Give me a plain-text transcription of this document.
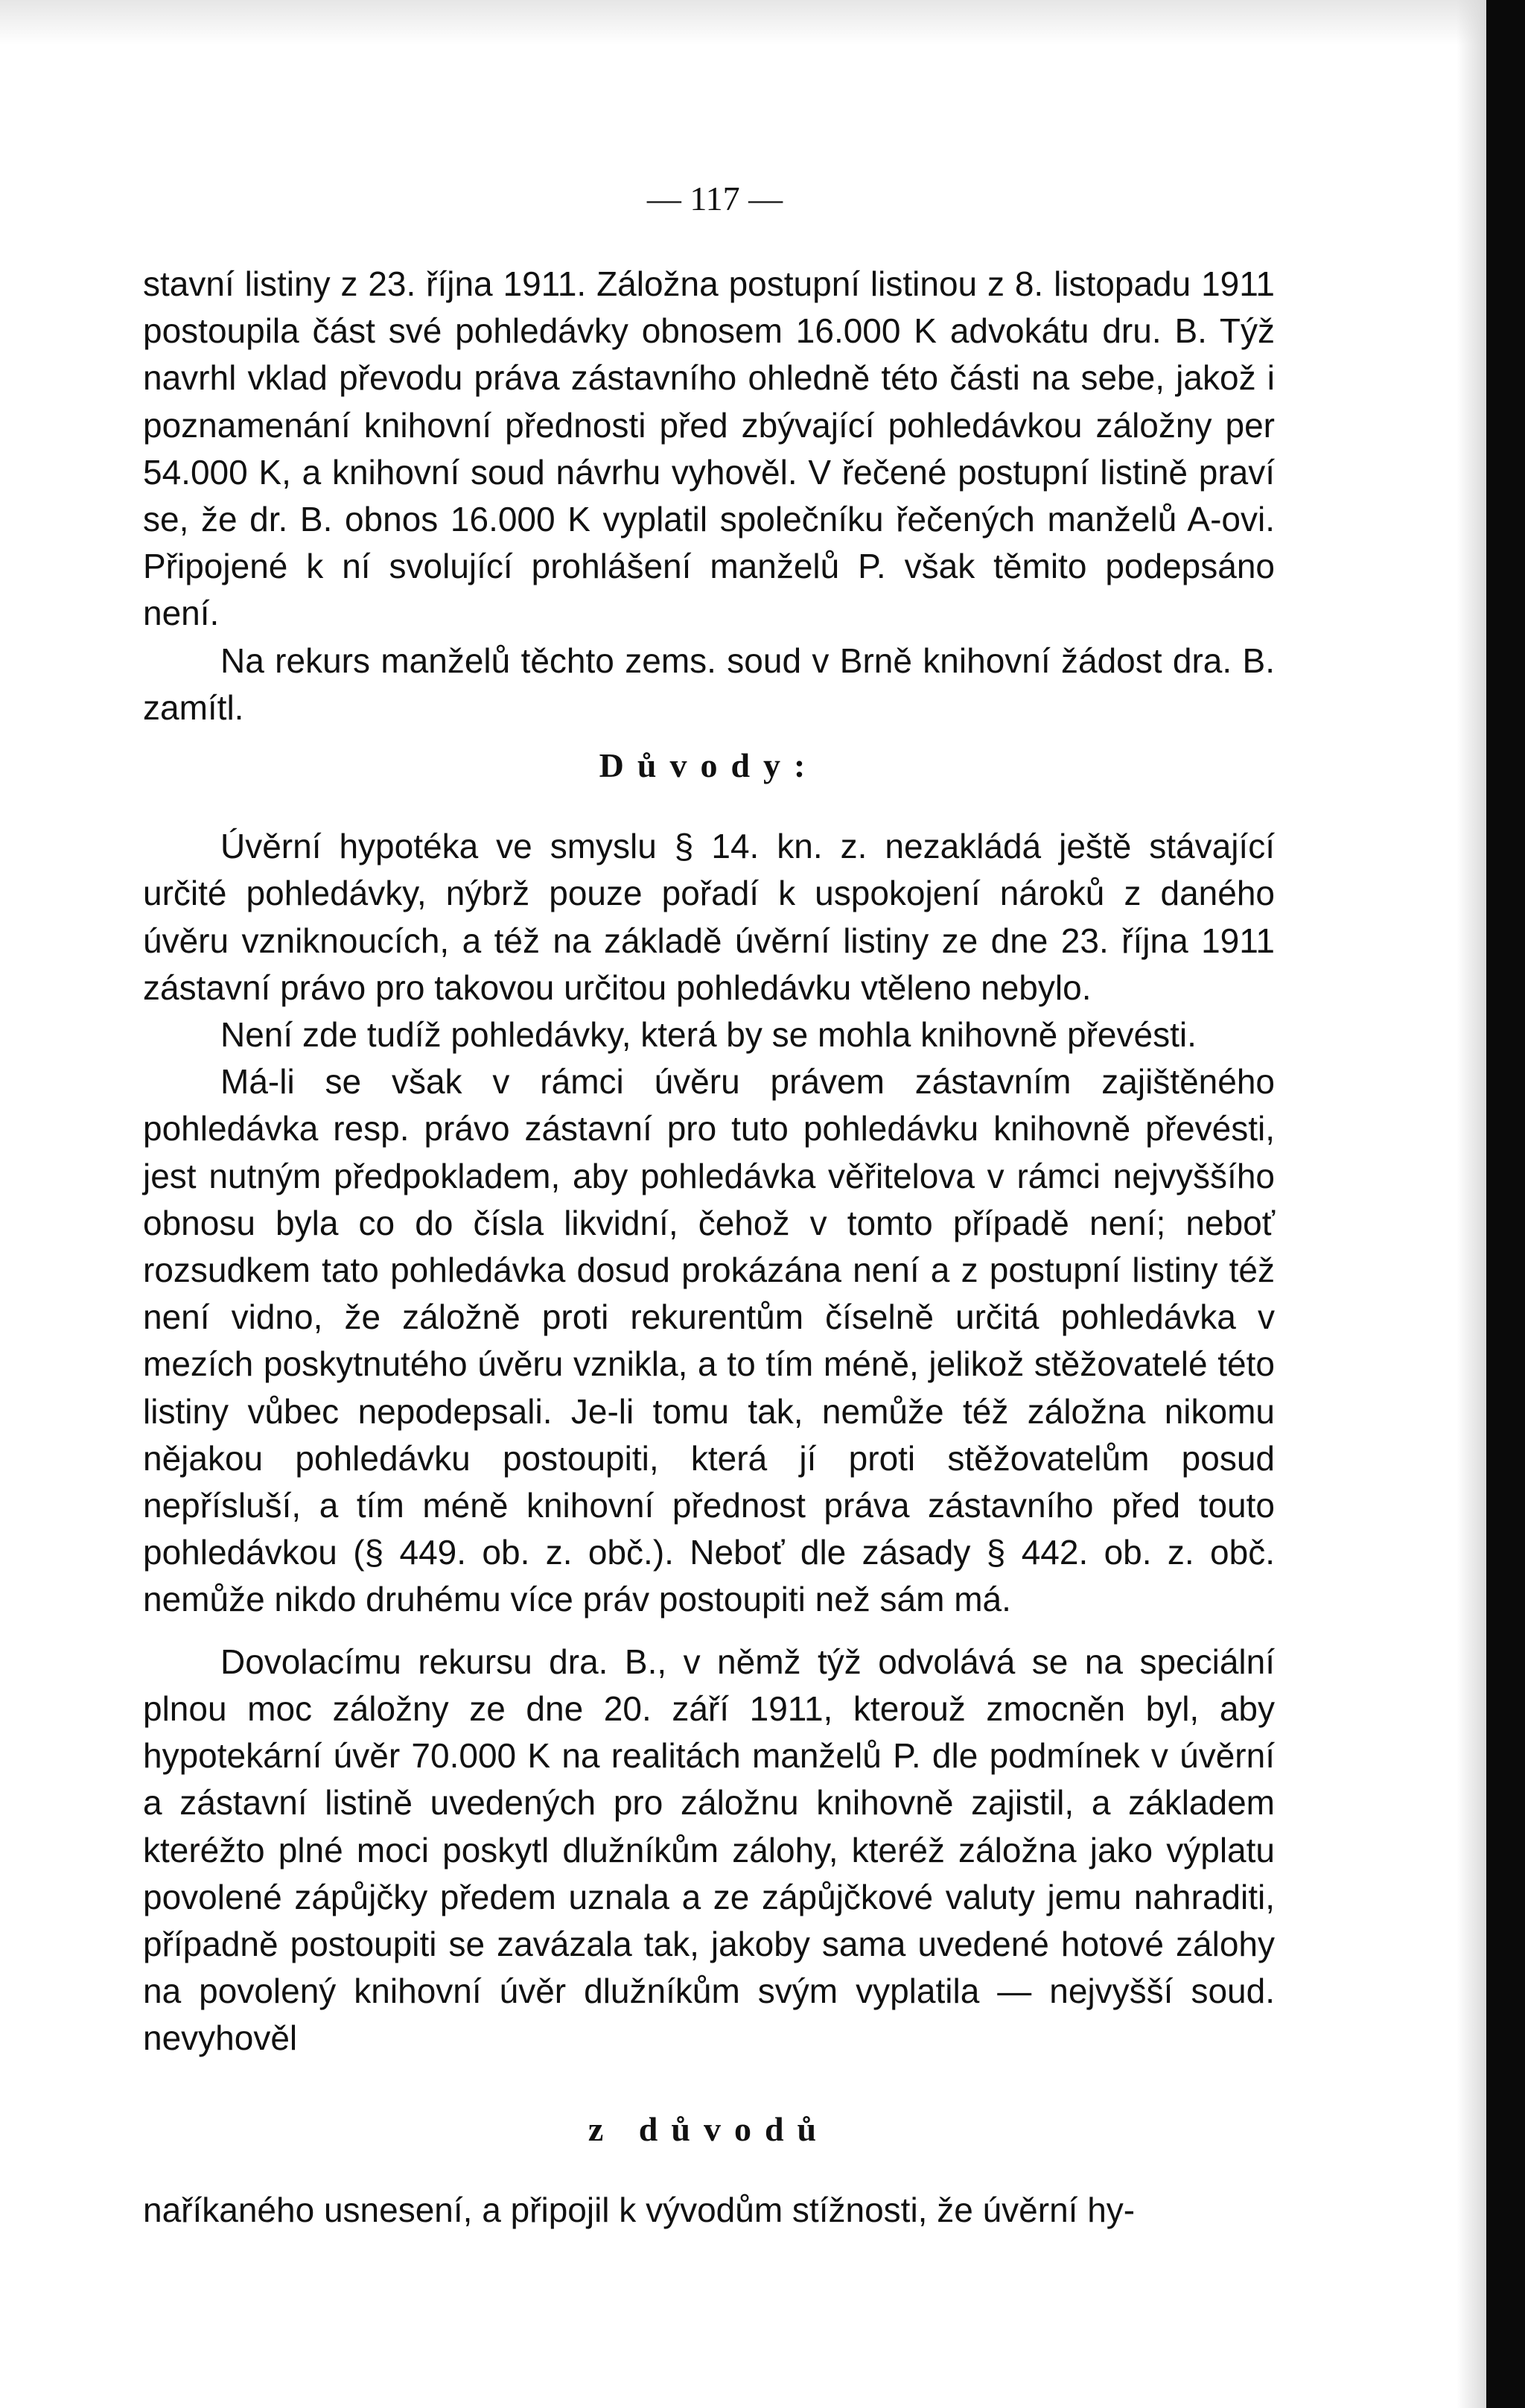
— 117 —

stavní listiny z 23. října 1911. Záložna postupní listinou z 8. listopadu 1911 postoupila část své pohledávky obnosem 16.000 K advokátu dru. B. Týž navrhl vklad převodu práva zástavního ohledně této části na sebe, jakož i poznamenání knihovní přednosti před zbývající pohledávkou záložny per 54.000 K, a knihovní soud návrhu vyhověl. V řečené postupní listině praví se, že dr. B. obnos 16.000 K vyplatil společníku řečených manželů A-ovi. Připojené k ní svolující prohlášení manželů P. však těmito podepsáno není.

Na rekurs manželů těchto zems. soud v Brně knihovní žádost dra. B. zamítl.

Důvody:

Úvěrní hypotéka ve smyslu § 14. kn. z. nezakládá ještě stávající určité pohledávky, nýbrž pouze pořadí k uspokojení nároků z daného úvěru vzniknoucích, a též na základě úvěrní listiny ze dne 23. října 1911 zástavní právo pro takovou určitou pohledávku vtěleno nebylo.

Není zde tudíž pohledávky, která by se mohla knihovně převésti.

Má-li se však v rámci úvěru právem zástavním zajištěného pohledávka resp. právo zástavní pro tuto pohledávku knihovně převésti, jest nutným předpokladem, aby pohledávka věřitelova v rámci nejvyššího obnosu byla co do čísla likvidní, čehož v tomto případě není; neboť rozsudkem tato pohledávka dosud prokázána není a z postupní listiny též není vidno, že záložně proti rekurentům číselně určitá pohledávka v mezích poskytnutého úvěru vznikla, a to tím méně, jelikož stěžovatelé této listiny vůbec nepodepsali. Je-li tomu tak, nemůže též záložna nikomu nějakou pohledávku postoupiti, která jí proti stěžovatelům posud nepřísluší, a tím méně knihovní přednost práva zástavního před touto pohledávkou (§ 449. ob. z. obč.). Neboť dle zásady § 442. ob. z. obč. nemůže nikdo druhému více práv postoupiti než sám má.

Dovolacímu rekursu dra. B., v němž týž odvolává se na speciální plnou moc záložny ze dne 20. září 1911, kterouž zmocněn byl, aby hypotekární úvěr 70.000 K na realitách manželů P. dle podmínek v úvěrní a zástavní listině uvedených pro záložnu knihovně zajistil, a základem kteréžto plné moci poskytl dlužníkům zálohy, kteréž záložna jako výplatu povolené zápůjčky předem uznala a ze zápůjčkové valuty jemu nahraditi, případně postoupiti se zavázala tak, jakoby sama uvedené hotové zálohy na povolený knihovní úvěr dlužníkům svým vyplatila — nejvyšší soud. nevyhověl

z důvodů

naříkaného usnesení, a připojil k vývodům stížnosti, že úvěrní hy-
